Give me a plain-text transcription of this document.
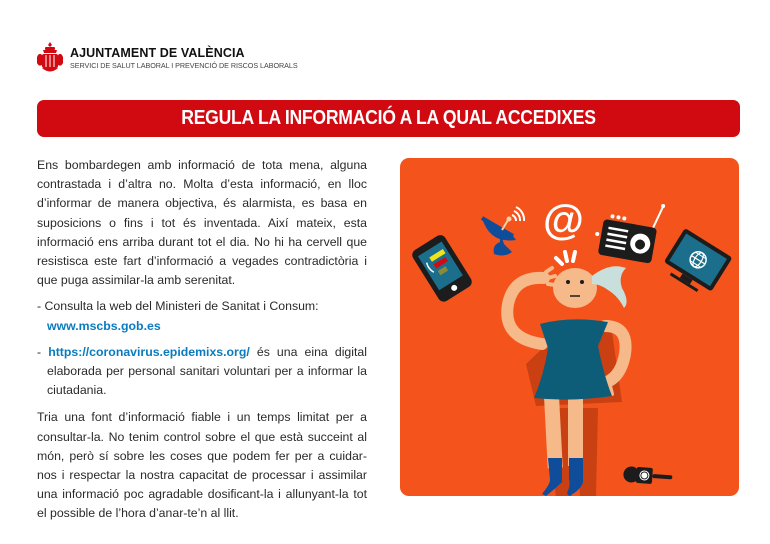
AJUNTAMENT DE VALÈNCIA
SERVICI DE SALUT LABORAL I PREVENCIÓ DE RISCOS LABORALS
REGULA LA INFORMACIÓ A LA QUAL ACCEDIXES

Ens bombardegen amb informació de tota mena, alguna contrastada i d’altra no. Molta d’esta informació, en lloc d’informar de manera objectiva, és alarmista, es basa en suposicions o fins i tot és inventada. Així mateix, esta informació ens arriba durant tot el dia. No hi ha cervell que resistisca este fart d’informació a vegades contradictòria i que puga assimilar-la amb serenitat.

- Consulta la web del Ministeri de Sanitat i Consum:
www.mscbs.gob.es

- https://coronavirus.epidemixs.org/ és una eina digital elaborada per personal sanitari voluntari per a informar la ciutadania.

Tria una font d’informació fiable i un temps limitat per a consultar-la. No tenim control sobre el que està succeint al món, però sí sobre les coses que podem fer per a cuidar-nos i respectar la nostra capacitat de processar i assimilar una informació poc agradable dosificant-la i allunyant-la tot el possible de l’hora d’anar-te’n al llit.

@
